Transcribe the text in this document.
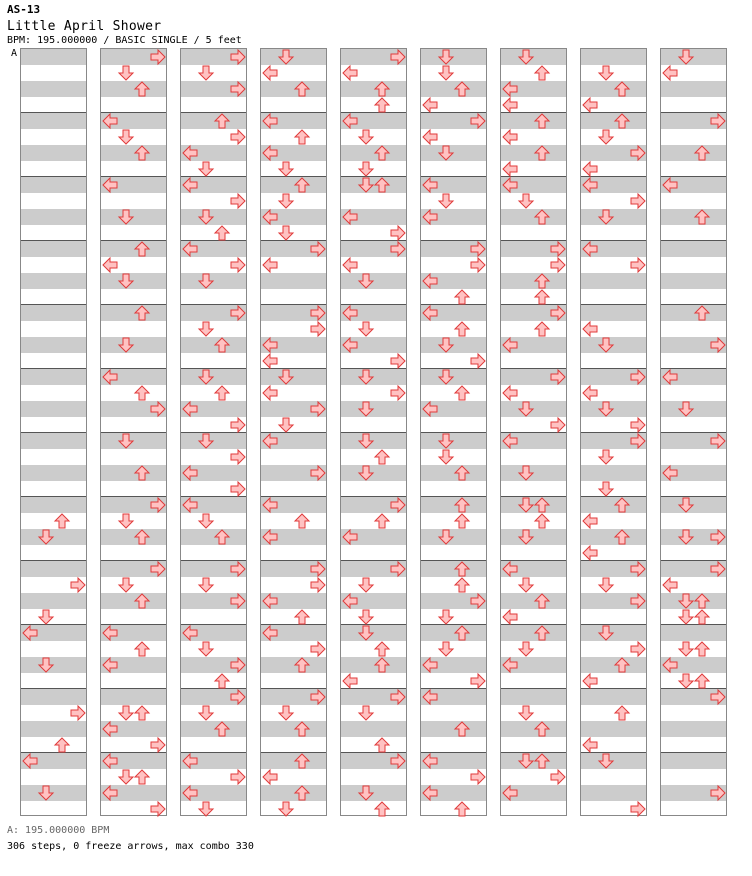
AS-13
Little April Shower
BPM: 195.000000 / BASIC SINGLE / 5 feet
A
A: 195.000000 BPM
306 steps, 0 freeze arrows, max combo 330
